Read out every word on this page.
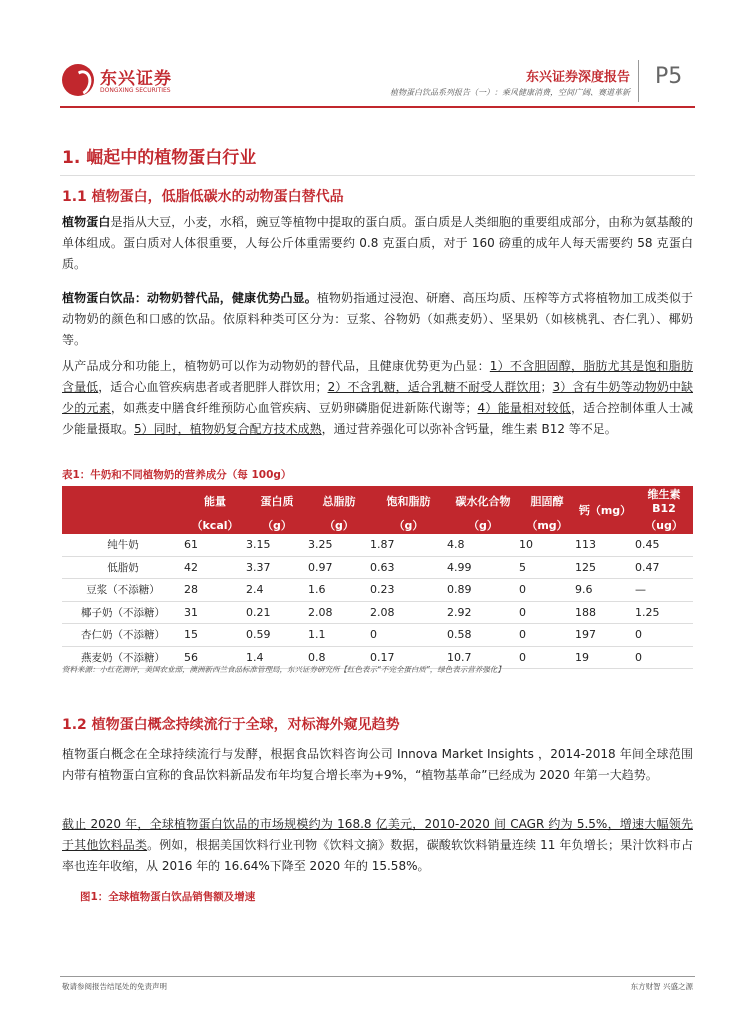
东兴证券
DONGXING SECURITIES
东兴证券深度报告
植物蛋白饮品系列报告（一）：乘风健康消费，空间广阔、赛道革新
P5
1. 崛起中的植物蛋白行业
1.1 植物蛋白，低脂低碳水的动物蛋白替代品
植物蛋白是指从大豆，小麦，水稻，豌豆等植物中提取的蛋白质。蛋白质是人类细胞的重要组成部分，由称为氨基酸的单体组成。蛋白质对人体很重要，人每公斤体重需要约 0.8 克蛋白质，对于 160 磅重的成年人每天需要约 58 克蛋白质。
植物蛋白饮品：动物奶替代品，健康优势凸显。植物奶指通过浸泡、研磨、高压均质、压榨等方式将植物加工成类似于动物奶的颜色和口感的饮品。依原料种类可区分为：豆浆、谷物奶（如燕麦奶）、坚果奶（如核桃乳、杏仁乳）、椰奶等。
从产品成分和功能上，植物奶可以作为动物奶的替代品，且健康优势更为凸显：1）不含胆固醇，脂肪尤其是饱和脂肪含量低，适合心血管疾病患者或者肥胖人群饮用；2）不含乳糖，适合乳糖不耐受人群饮用；3）含有牛奶等动物奶中缺少的元素，如燕麦中膳食纤维预防心血管疾病、豆奶卵磷脂促进新陈代谢等；4）能量相对较低，适合控制体重人士减少能量摄取。5）同时，植物奶复合配方技术成熟，通过营养强化可以弥补含钙量，维生素 B12 等不足。
表1：牛奶和不同植物奶的营养成分（每 100g）
	能量	蛋白质	总脂肪	饱和脂肪	碳水化合物	胆固醇	钙（mg）	维生素 B12
	（kcal）	（g）	（g）	（g）	（g）	（mg）		（ug）
纯牛奶	61	3.15	3.25	1.87	4.8	10	113	0.45
低脂奶	42	3.37	0.97	0.63	4.99	5	125	0.47
豆浆（不添糖）	28	2.4	1.6	0.23	0.89	0	9.6	—
椰子奶（不添糖）	31	0.21	2.08	2.08	2.92	0	188	1.25
杏仁奶（不添糖）	15	0.59	1.1	0	0.58	0	197	0
燕麦奶（不添糖）	56	1.4	0.8	0.17	10.7	0	19	0
资料来源：小红花测评，美国农业部，澳洲新西兰食品标准管理局，东兴证券研究所【红色表示“不完全蛋白质”，绿色表示营养强化】
1.2 植物蛋白概念持续流行于全球，对标海外窥见趋势
植物蛋白概念在全球持续流行与发酵，根据食品饮料咨询公司 Innova Market Insights ，2014-2018 年间全球范围内带有植物蛋白宣称的食品饮料新品发布年均复合增长率为+9%，“植物基革命”已经成为 2020 年第一大趋势。
截止 2020 年，全球植物蛋白饮品的市场规模约为 168.8 亿美元，2010-2020 间 CAGR 约为 5.5%，增速大幅领先于其他饮料品类。例如，根据美国饮料行业刊物《饮料文摘》数据，碳酸软饮料销量连续 11 年负增长；果汁饮料市占率也连年收缩，从 2016 年的 16.64%下降至 2020 年的 15.58%。
图1：全球植物蛋白饮品销售额及增速
敬请参阅报告结尾处的免责声明	东方财智 兴盛之源
